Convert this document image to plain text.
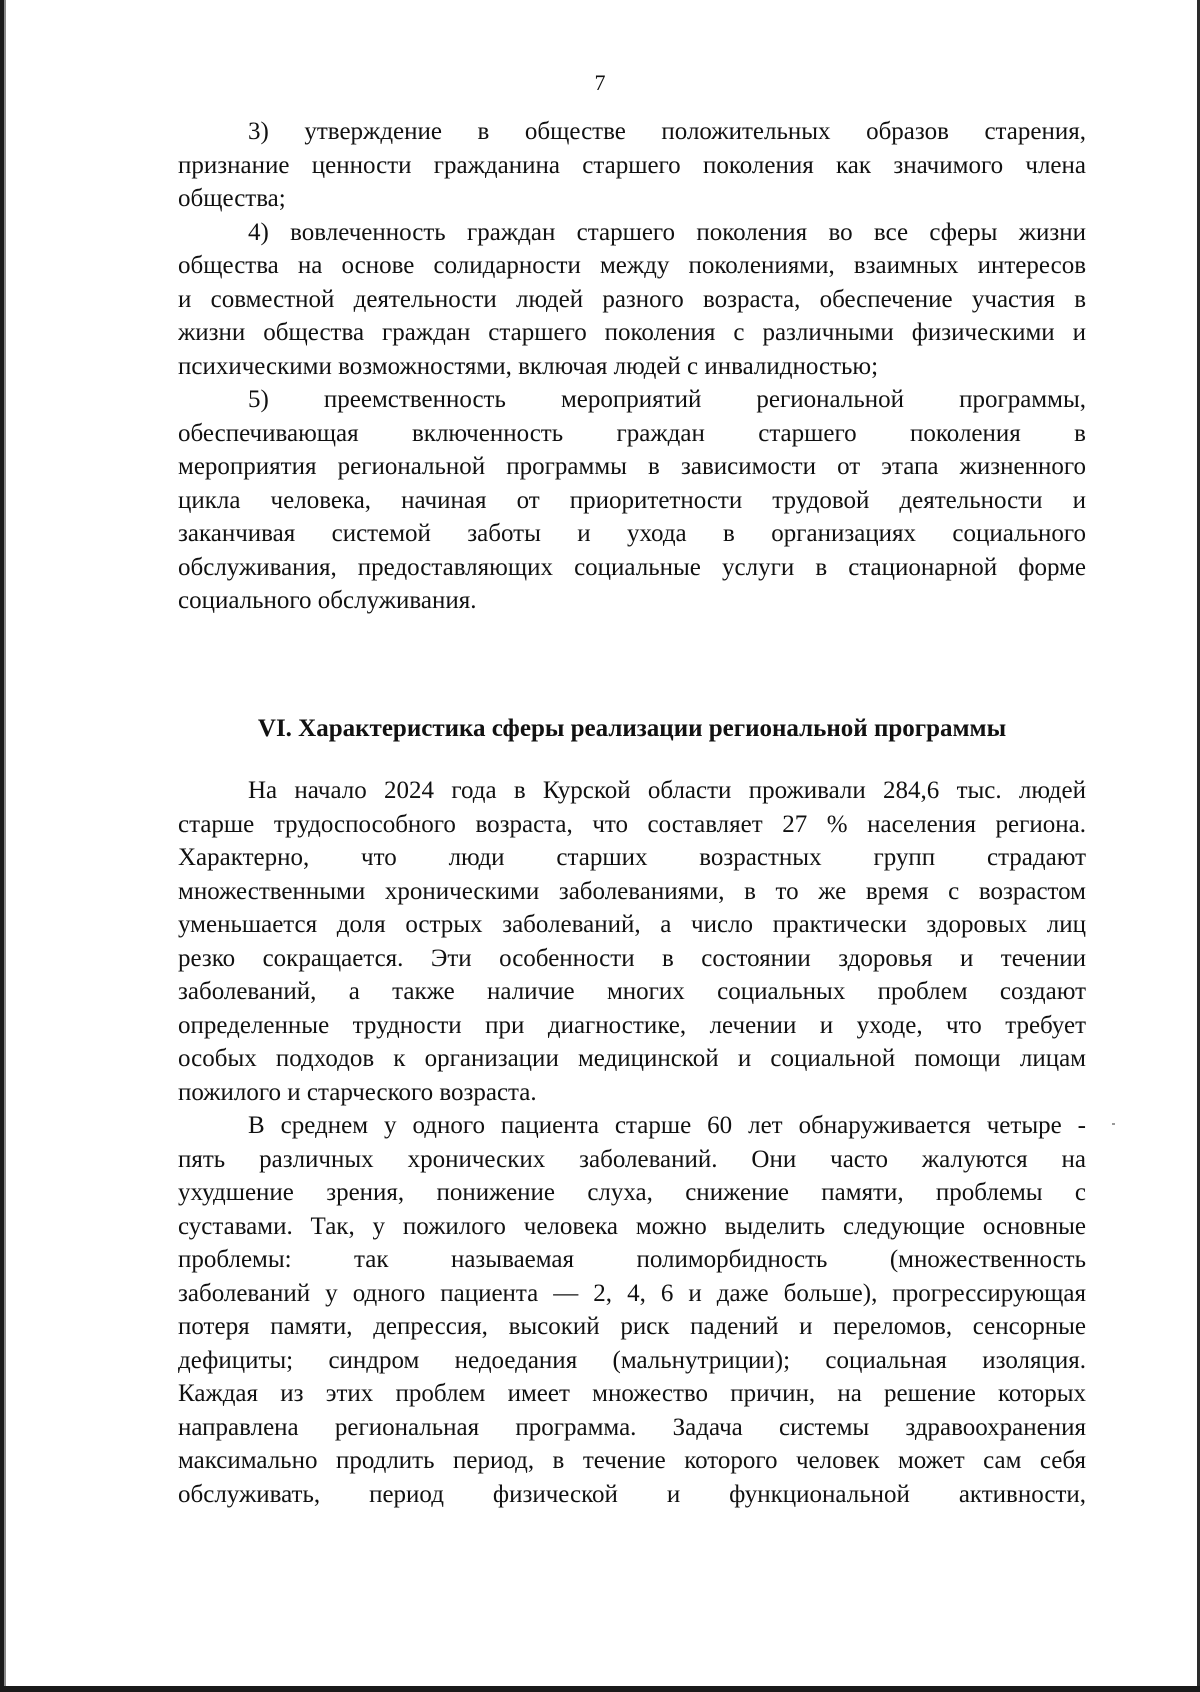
7
3) утверждение в обществе положительных образов старения,
признание ценности гражданина старшего поколения как значимого члена
общества;
4) вовлеченность граждан старшего поколения во все сферы жизни
общества на основе солидарности между поколениями, взаимных интересов
и совместной деятельности людей разного возраста, обеспечение участия в
жизни общества граждан старшего поколения с различными физическими и
психическими возможностями, включая людей с инвалидностью;
5) преемственность мероприятий региональной программы,
обеспечивающая включенность граждан старшего поколения в
мероприятия региональной программы в зависимости от этапа жизненного
цикла человека, начиная от приоритетности трудовой деятельности и
заканчивая системой заботы и ухода в организациях социального
обслуживания, предоставляющих социальные услуги в стационарной форме
социального обслуживания.
VI. Характеристика сферы реализации региональной программы
На начало 2024 года в Курской области проживали 284,6 тыс. людей
старше трудоспособного возраста, что составляет 27 % населения региона.
Характерно, что люди старших возрастных групп страдают
множественными хроническими заболеваниями, в то же время с возрастом
уменьшается доля острых заболеваний, а число практически здоровых лиц
резко сокращается. Эти особенности в состоянии здоровья и течении
заболеваний, а также наличие многих социальных проблем создают
определенные трудности при диагностике, лечении и уходе, что требует
особых подходов к организации медицинской и социальной помощи лицам
пожилого и старческого возраста.
В среднем у одного пациента старше 60 лет обнаруживается четыре -
пять различных хронических заболеваний. Они часто жалуются на
ухудшение зрения, понижение слуха, снижение памяти, проблемы с
суставами. Так, у пожилого человека можно выделить следующие основные
проблемы: так называемая полиморбидность (множественность
заболеваний у одного пациента — 2, 4, 6 и даже больше), прогрессирующая
потеря памяти, депрессия, высокий риск падений и переломов, сенсорные
дефициты; синдром недоедания (мальнутриции); социальная изоляция.
Каждая из этих проблем имеет множество причин, на решение которых
направлена региональная программа. Задача системы здравоохранения
максимально продлить период, в течение которого человек может сам себя
обслуживать, период физической и функциональной активности,
